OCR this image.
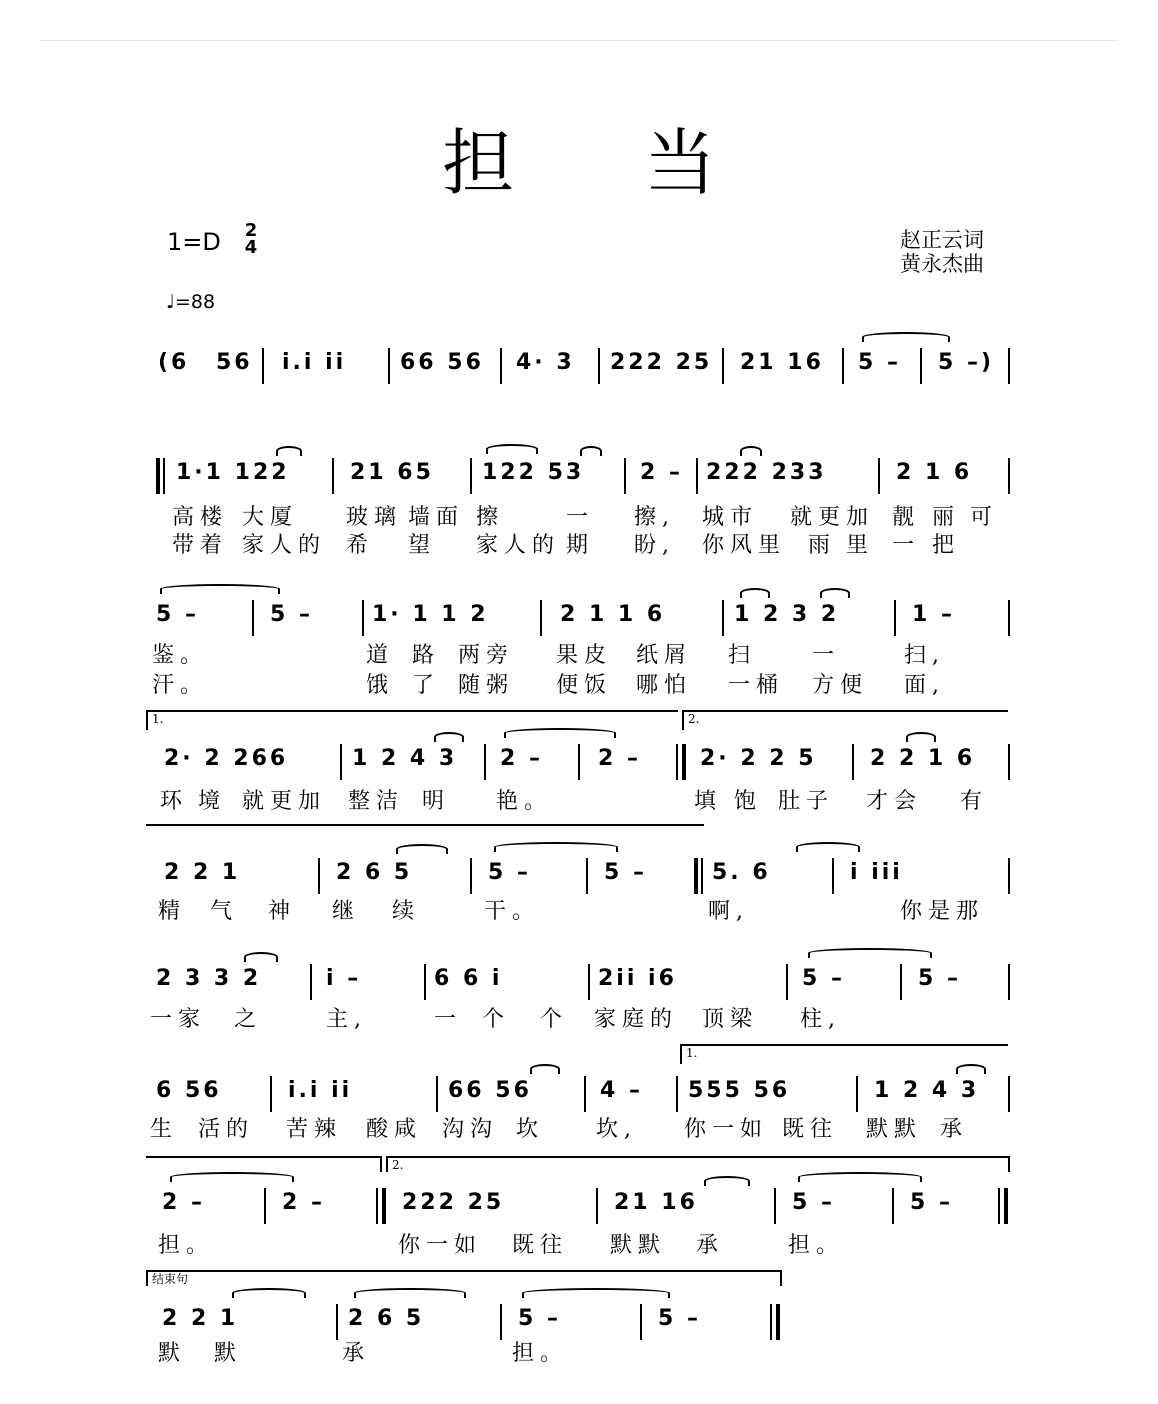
担 当
1=D 2
4
♩=88
赵正云词
黄永杰曲
(6 56 i.i ii 66 56 4· 3 222 25 21 16 5 – 5 –)
1·1 122	21 65 122 53	2 – 222 233	2 1 6
高楼 大厦 玻璃 墙面 擦	一 擦, 城市 就更加 靓 丽 可
带着 家人的 希 望 家人的 期 盼, 你风里 雨 里 一 把
5 –	5 –	1· 1 1 2	2 1 1 6	1 2 3 2	1 –
鉴。	道 路 两旁 果皮 纸屑 扫	一	扫,
汗。	饿 了 随粥 便饭 哪怕 一桶 方便 面,
1.	2.
2· 2 266	1 2 4 3 2 –	2 –	2· 2 2 5 2 2 1 6
环 境 就更加 整洁 明 艳。	填 饱 肚子 才会 有
2 2 1	2 6 5	5 –	5 –	5. 6	i iii
精 气 神 继 续	干。	啊,	你是那
2 3 3 2	i –	6 6 i	2ii i6	5 –	5 –
一家 之	主,	一 个 个 家庭的 顶梁 柱,
1.
6 56	i.i ii	66 56	4 – 555 56	1 2 4 3
生 活的 苦辣 酸咸 沟沟 坎 坎, 你一如 既往 默默 承
2.
2 –	2 –	222 25	21 16	5 –	5 –
担。	你一如 既往 默默 承	担。
结束句
2 2 1	2 6 5	5 –	5 –
默 默	承	担。
